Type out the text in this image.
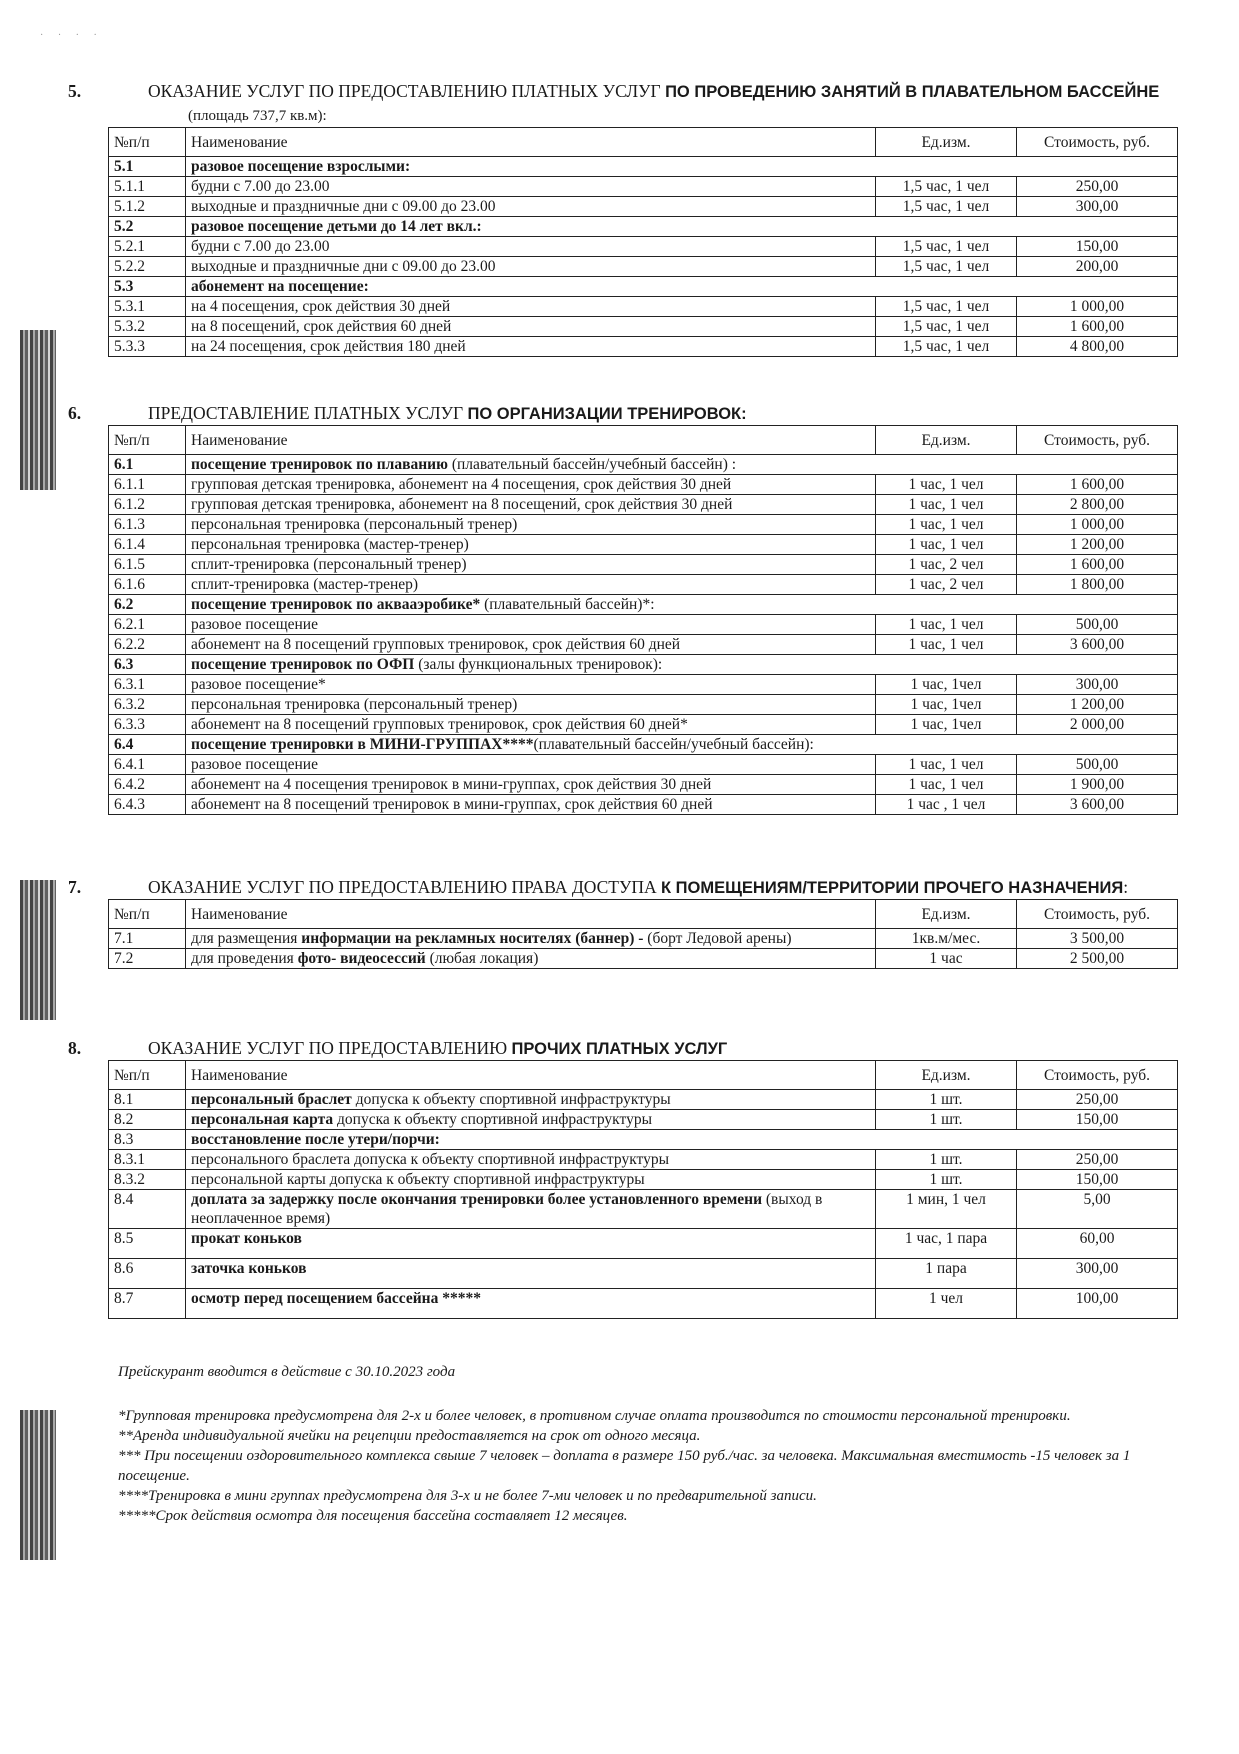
· · · ·
5.	ОКАЗАНИЕ УСЛУГ ПО ПРЕДОСТАВЛЕНИЮ ПЛАТНЫХ УСЛУГ ПО ПРОВЕДЕНИЮ ЗАНЯТИЙ В ПЛАВАТЕЛЬНОМ БАССЕЙНЕ (площадь 737,7 кв.м):
№п/п	Наименование	Ед.изм.	Стоимость, руб.
5.1	разовое посещение взрослыми:		
5.1.1	будни с 7.00 до 23.00	1,5 час, 1 чел	250,00
5.1.2	выходные и праздничные дни с 09.00 до 23.00	1,5 час, 1 чел	300,00
5.2	разовое посещение детьми до 14 лет вкл.:		
5.2.1	будни с 7.00 до 23.00	1,5 час, 1 чел	150,00
5.2.2	выходные и праздничные дни с 09.00 до 23.00	1,5 час, 1 чел	200,00
5.3	абонемент на посещение:		
5.3.1	на 4 посещения, срок действия 30 дней	1,5 час, 1 чел	1 000,00
5.3.2	на 8 посещений, срок действия 60 дней	1,5 час, 1 чел	1 600,00
5.3.3	на 24 посещения, срок действия 180 дней	1,5 час, 1 чел	4 800,00
6.	ПРЕДОСТАВЛЕНИЕ ПЛАТНЫХ УСЛУГ ПО ОРГАНИЗАЦИИ ТРЕНИРОВОК:
№п/п	Наименование	Ед.изм.	Стоимость, руб.
6.1	посещение тренировок по плаванию (плавательный бассейн/учебный бассейн) :		
6.1.1	групповая детская тренировка, абонемент на 4 посещения, срок действия 30 дней	1 час, 1 чел	1 600,00
6.1.2	групповая детская тренировка, абонемент на 8 посещений, срок действия 30 дней	1 час, 1 чел	2 800,00
6.1.3	персональная тренировка (персональный тренер)	1 час, 1 чел	1 000,00
6.1.4	персональная тренировка (мастер-тренер)	1 час, 1 чел	1 200,00
6.1.5	сплит-тренировка (персональный тренер)	1 час, 2 чел	1 600,00
6.1.6	сплит-тренировка (мастер-тренер)	1 час, 2 чел	1 800,00
6.2	посещение тренировок по аквааэробике* (плавательный бассейн)*:		
6.2.1	разовое посещение	1 час, 1 чел	500,00
6.2.2	абонемент на 8 посещений групповых тренировок, срок действия 60 дней	1 час, 1 чел	3 600,00
6.3	посещение тренировок по ОФП (залы функциональных тренировок):		
6.3.1	разовое посещение*	1 час, 1чел	300,00
6.3.2	персональная тренировка (персональный тренер)	1 час, 1чел	1 200,00
6.3.3	абонемент на 8 посещений групповых тренировок, срок действия 60 дней*	1 час, 1чел	2 000,00
6.4	посещение тренировки в МИНИ-ГРУППАХ****(плавательный бассейн/учебный бассейн):		
6.4.1	разовое посещение	1 час, 1 чел	500,00
6.4.2	абонемент на 4 посещения тренировок в мини-группах, срок действия 30 дней	1 час, 1 чел	1 900,00
6.4.3	абонемент на 8 посещений тренировок в мини-группах, срок действия 60 дней	1 час , 1 чел	3 600,00
7.	ОКАЗАНИЕ УСЛУГ ПО ПРЕДОСТАВЛЕНИЮ ПРАВА ДОСТУПА К ПОМЕЩЕНИЯМ/ТЕРРИТОРИИ ПРОЧЕГО НАЗНАЧЕНИЯ:
№п/п	Наименование	Ед.изм.	Стоимость, руб.
7.1	для размещения информации на рекламных носителях (баннер) - (борт Ледовой арены)	1кв.м/мес.	3 500,00
7.2	для проведения фото- видеосессий (любая локация)	1 час	2 500,00
8.	ОКАЗАНИЕ УСЛУГ ПО ПРЕДОСТАВЛЕНИЮ ПРОЧИХ ПЛАТНЫХ УСЛУГ
№п/п	Наименование	Ед.изм.	Стоимость, руб.
8.1	персональный браслет допуска к объекту спортивной инфраструктуры	1 шт.	250,00
8.2	персональная карта допуска к объекту спортивной инфраструктуры	1 шт.	150,00
8.3	восстановление после утери/порчи:		
8.3.1	персонального браслета допуска к объекту спортивной инфраструктуры	1 шт.	250,00
8.3.2	персональной карты допуска к объекту спортивной инфраструктуры	1 шт.	150,00
8.4	доплата за задержку после окончания тренировки более установленного времени (выход в неоплаченное время)	1 мин, 1 чел	5,00
8.5	прокат коньков	1 час, 1 пара	60,00
8.6	заточка коньков	1 пара	300,00
8.7	осмотр перед посещением бассейна *****	1 чел	100,00
Прейскурант вводится в действие с 30.10.2023 года
*Групповая тренировка предусмотрена для 2-х и более человек, в противном случае оплата производится по стоимости персональной тренировки.
**Аренда индивидуальной ячейки на рецепции предоставляется на срок от одного месяца.
*** При посещении оздоровительного комплекса свыше 7 человек – доплата в размере 150 руб./час. за человека. Максимальная вместимость -15 человек за 1 посещение.
****Тренировка в мини группах предусмотрена для 3-х и не более 7-ми человек и по предварительной записи.
*****Срок действия осмотра для посещения бассейна составляет 12 месяцев.
